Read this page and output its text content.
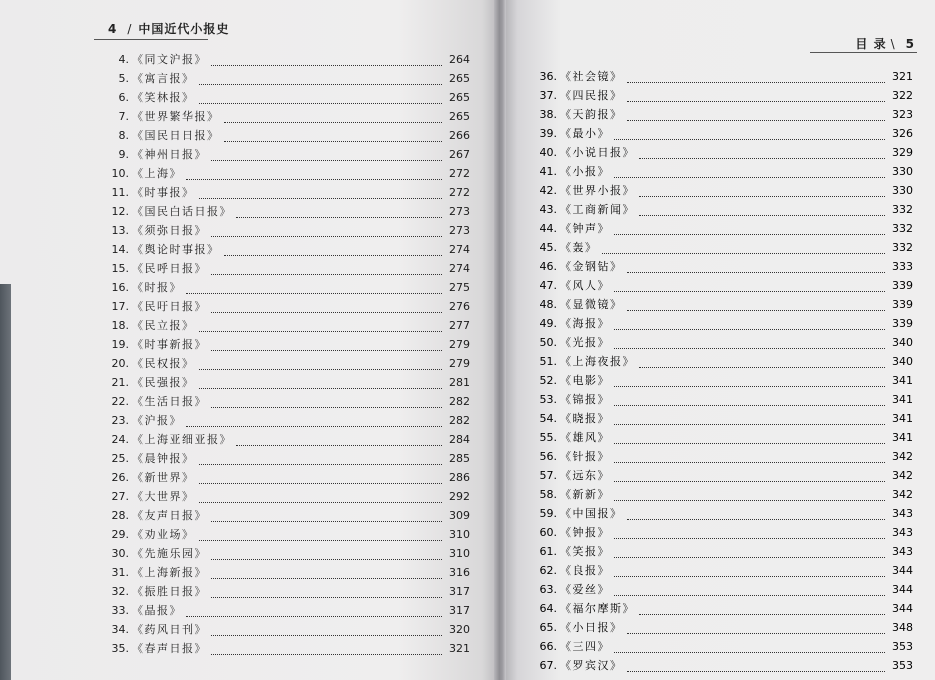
4 / 中国近代小报史
4. 《同文沪报》	264
5. 《寓言报》	265
6. 《笑林报》	265
7. 《世界繁华报》	265
8. 《国民日日报》	266
9. 《神州日报》	267
10. 《上海》	272
11. 《时事报》	272
12. 《国民白话日报》	273
13. 《须弥日报》	273
14. 《舆论时事报》	274
15. 《民呼日报》	274
16. 《时报》	275
17. 《民吁日报》	276
18. 《民立报》	277
19. 《时事新报》	279
20. 《民权报》	279
21. 《民强报》	281
22. 《生活日报》	282
23. 《沪报》	282
24. 《上海亚细亚报》	284
25. 《晨钟报》	285
26. 《新世界》	286
27. 《大世界》	292
28. 《友声日报》	309
29. 《劝业场》	310
30. 《先施乐园》	310
31. 《上海新报》	316
32. 《振胜日报》	317
33. 《晶报》	317
34. 《药风日刊》	320
35. 《春声日报》	321
目 录 \ 5
36. 《社会镜》	321
37. 《四民报》	322
38. 《天韵报》	323
39. 《最小》	326
40. 《小说日报》	329
41. 《小报》	330
42. 《世界小报》	330
43. 《工商新闻》	332
44. 《钟声》	332
45. 《轰》	332
46. 《金钢钻》	333
47. 《风人》	339
48. 《显微镜》	339
49. 《海报》	339
50. 《光报》	340
51. 《上海夜报》	340
52. 《电影》	341
53. 《锦报》	341
54. 《晓报》	341
55. 《雄风》	341
56. 《针报》	342
57. 《远东》	342
58. 《新新》	342
59. 《中国报》	343
60. 《钟报》	343
61. 《笑报》	343
62. 《良报》	344
63. 《爱丝》	344
64. 《福尔摩斯》	344
65. 《小日报》	348
66. 《三四》	353
67. 《罗宾汉》	353
